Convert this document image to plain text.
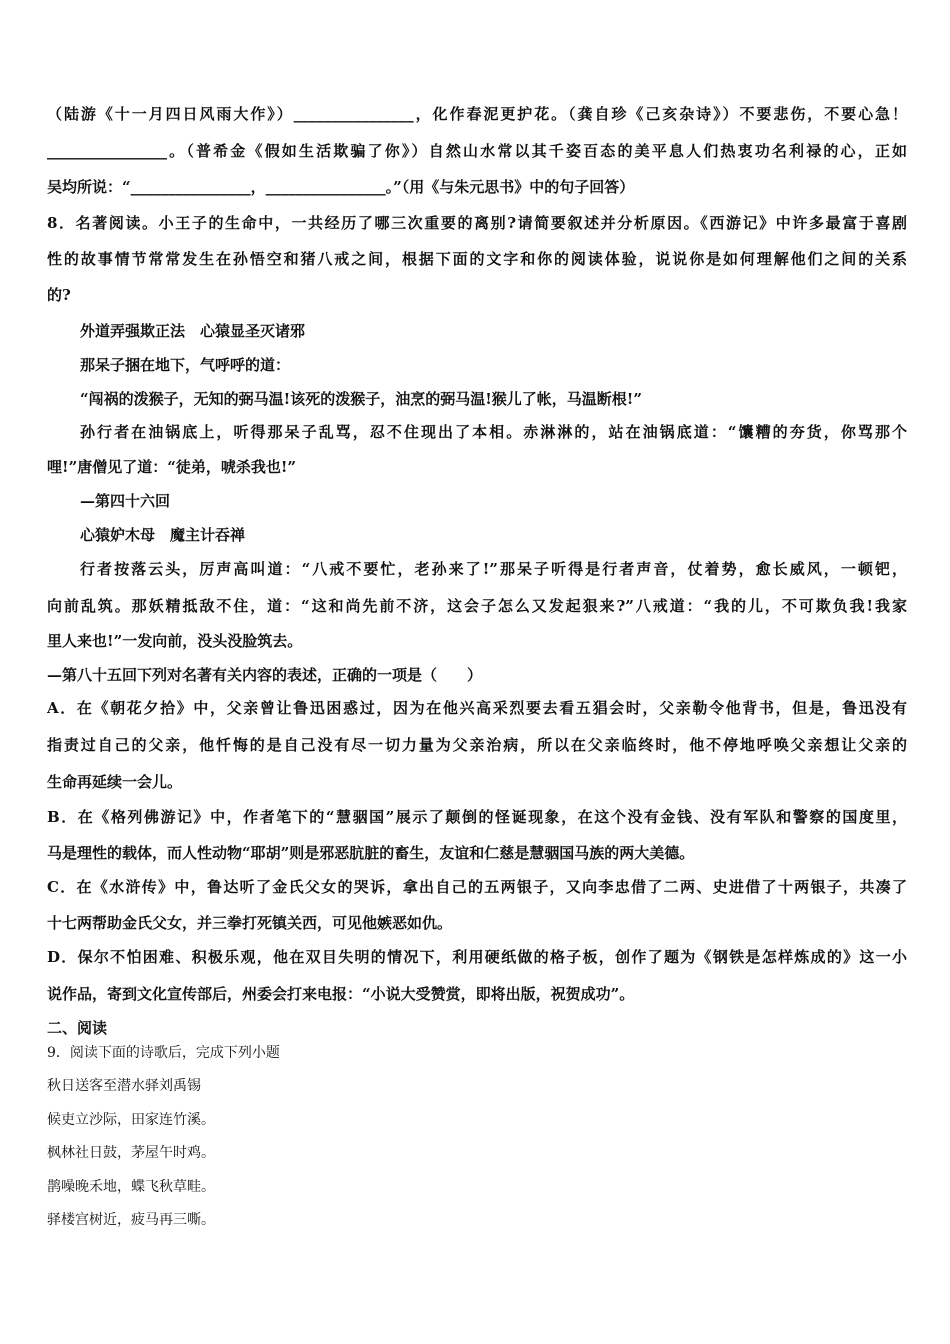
（陆游《十一月四日风雨大作》）________________，化作春泥更护花。（龚自珍《己亥杂诗》）不要悲伤，不要心急！
________________。（普希金《假如生活欺骗了你》）自然山水常以其千姿百态的美平息人们热衷功名利禄的心，正如
吴均所说：“________________，________________。”（用《与朱元思书》中的句子回答）
8．名著阅读。小王子的生命中，一共经历了哪三次重要的离别?请简要叙述并分析原因。《西游记》中许多最富于喜剧
性的故事情节常常发生在孙悟空和猪八戒之间，根据下面的文字和你的阅读体验，说说你是如何理解他们之间的关系
的?
外道弄强欺正法　心猿显圣灭诸邪
那呆子捆在地下，气呼呼的道：
“闯祸的泼猴子，无知的弼马温!该死的泼猴子，油烹的弼马温!猴儿了帐，马温断根!”
孙行者在油锅底上，听得那呆子乱骂，忍不住现出了本相。赤淋淋的，站在油锅底道：“馕糟的夯货，你骂那个
哩!”唐僧见了道：“徒弟，唬杀我也!”
—第四十六回
心猿妒木母　魔主计吞禅
行者按落云头，厉声高叫道：“八戒不要忙，老孙来了!”那呆子听得是行者声音，仗着势，愈长威风，一顿钯，
向前乱筑。那妖精抵敌不住，道：“这和尚先前不济，这会子怎么又发起狠来?”八戒道：“我的儿，不可欺负我!我家
里人来也!”一发向前，没头没脸筑去。
—第八十五回下列对名著有关内容的表述，正确的一项是（　　）
A．在《朝花夕拾》中，父亲曾让鲁迅困惑过，因为在他兴高采烈要去看五猖会时，父亲勒令他背书，但是，鲁迅没有
指责过自己的父亲，他忏悔的是自己没有尽一切力量为父亲治病，所以在父亲临终时，他不停地呼唤父亲想让父亲的
生命再延续一会儿。
B．在《格列佛游记》中，作者笔下的“慧骃国”展示了颠倒的怪诞现象，在这个没有金钱、没有军队和警察的国度里，
马是理性的载体，而人性动物“耶胡”则是邪恶肮脏的畜生，友谊和仁慈是慧骃国马族的两大美德。
C．在《水浒传》中，鲁达听了金氏父女的哭诉，拿出自己的五两银子，又向李忠借了二两、史进借了十两银子，共凑了
十七两帮助金氏父女，并三拳打死镇关西，可见他嫉恶如仇。
D．保尔不怕困难、积极乐观，他在双目失明的情况下，利用硬纸做的格子板，创作了题为《钢铁是怎样炼成的》这一小
说作品，寄到文化宣传部后，州委会打来电报：“小说大受赞赏，即将出版，祝贺成功”。
二、阅读
9．阅读下面的诗歌后，完成下列小题
秋日送客至潜水驿刘禹锡
候吏立沙际，田家连竹溪。
枫林社日鼓，茅屋午时鸡。
鹊噪晚禾地，蝶飞秋草畦。
驿楼宫树近，疲马再三嘶。
